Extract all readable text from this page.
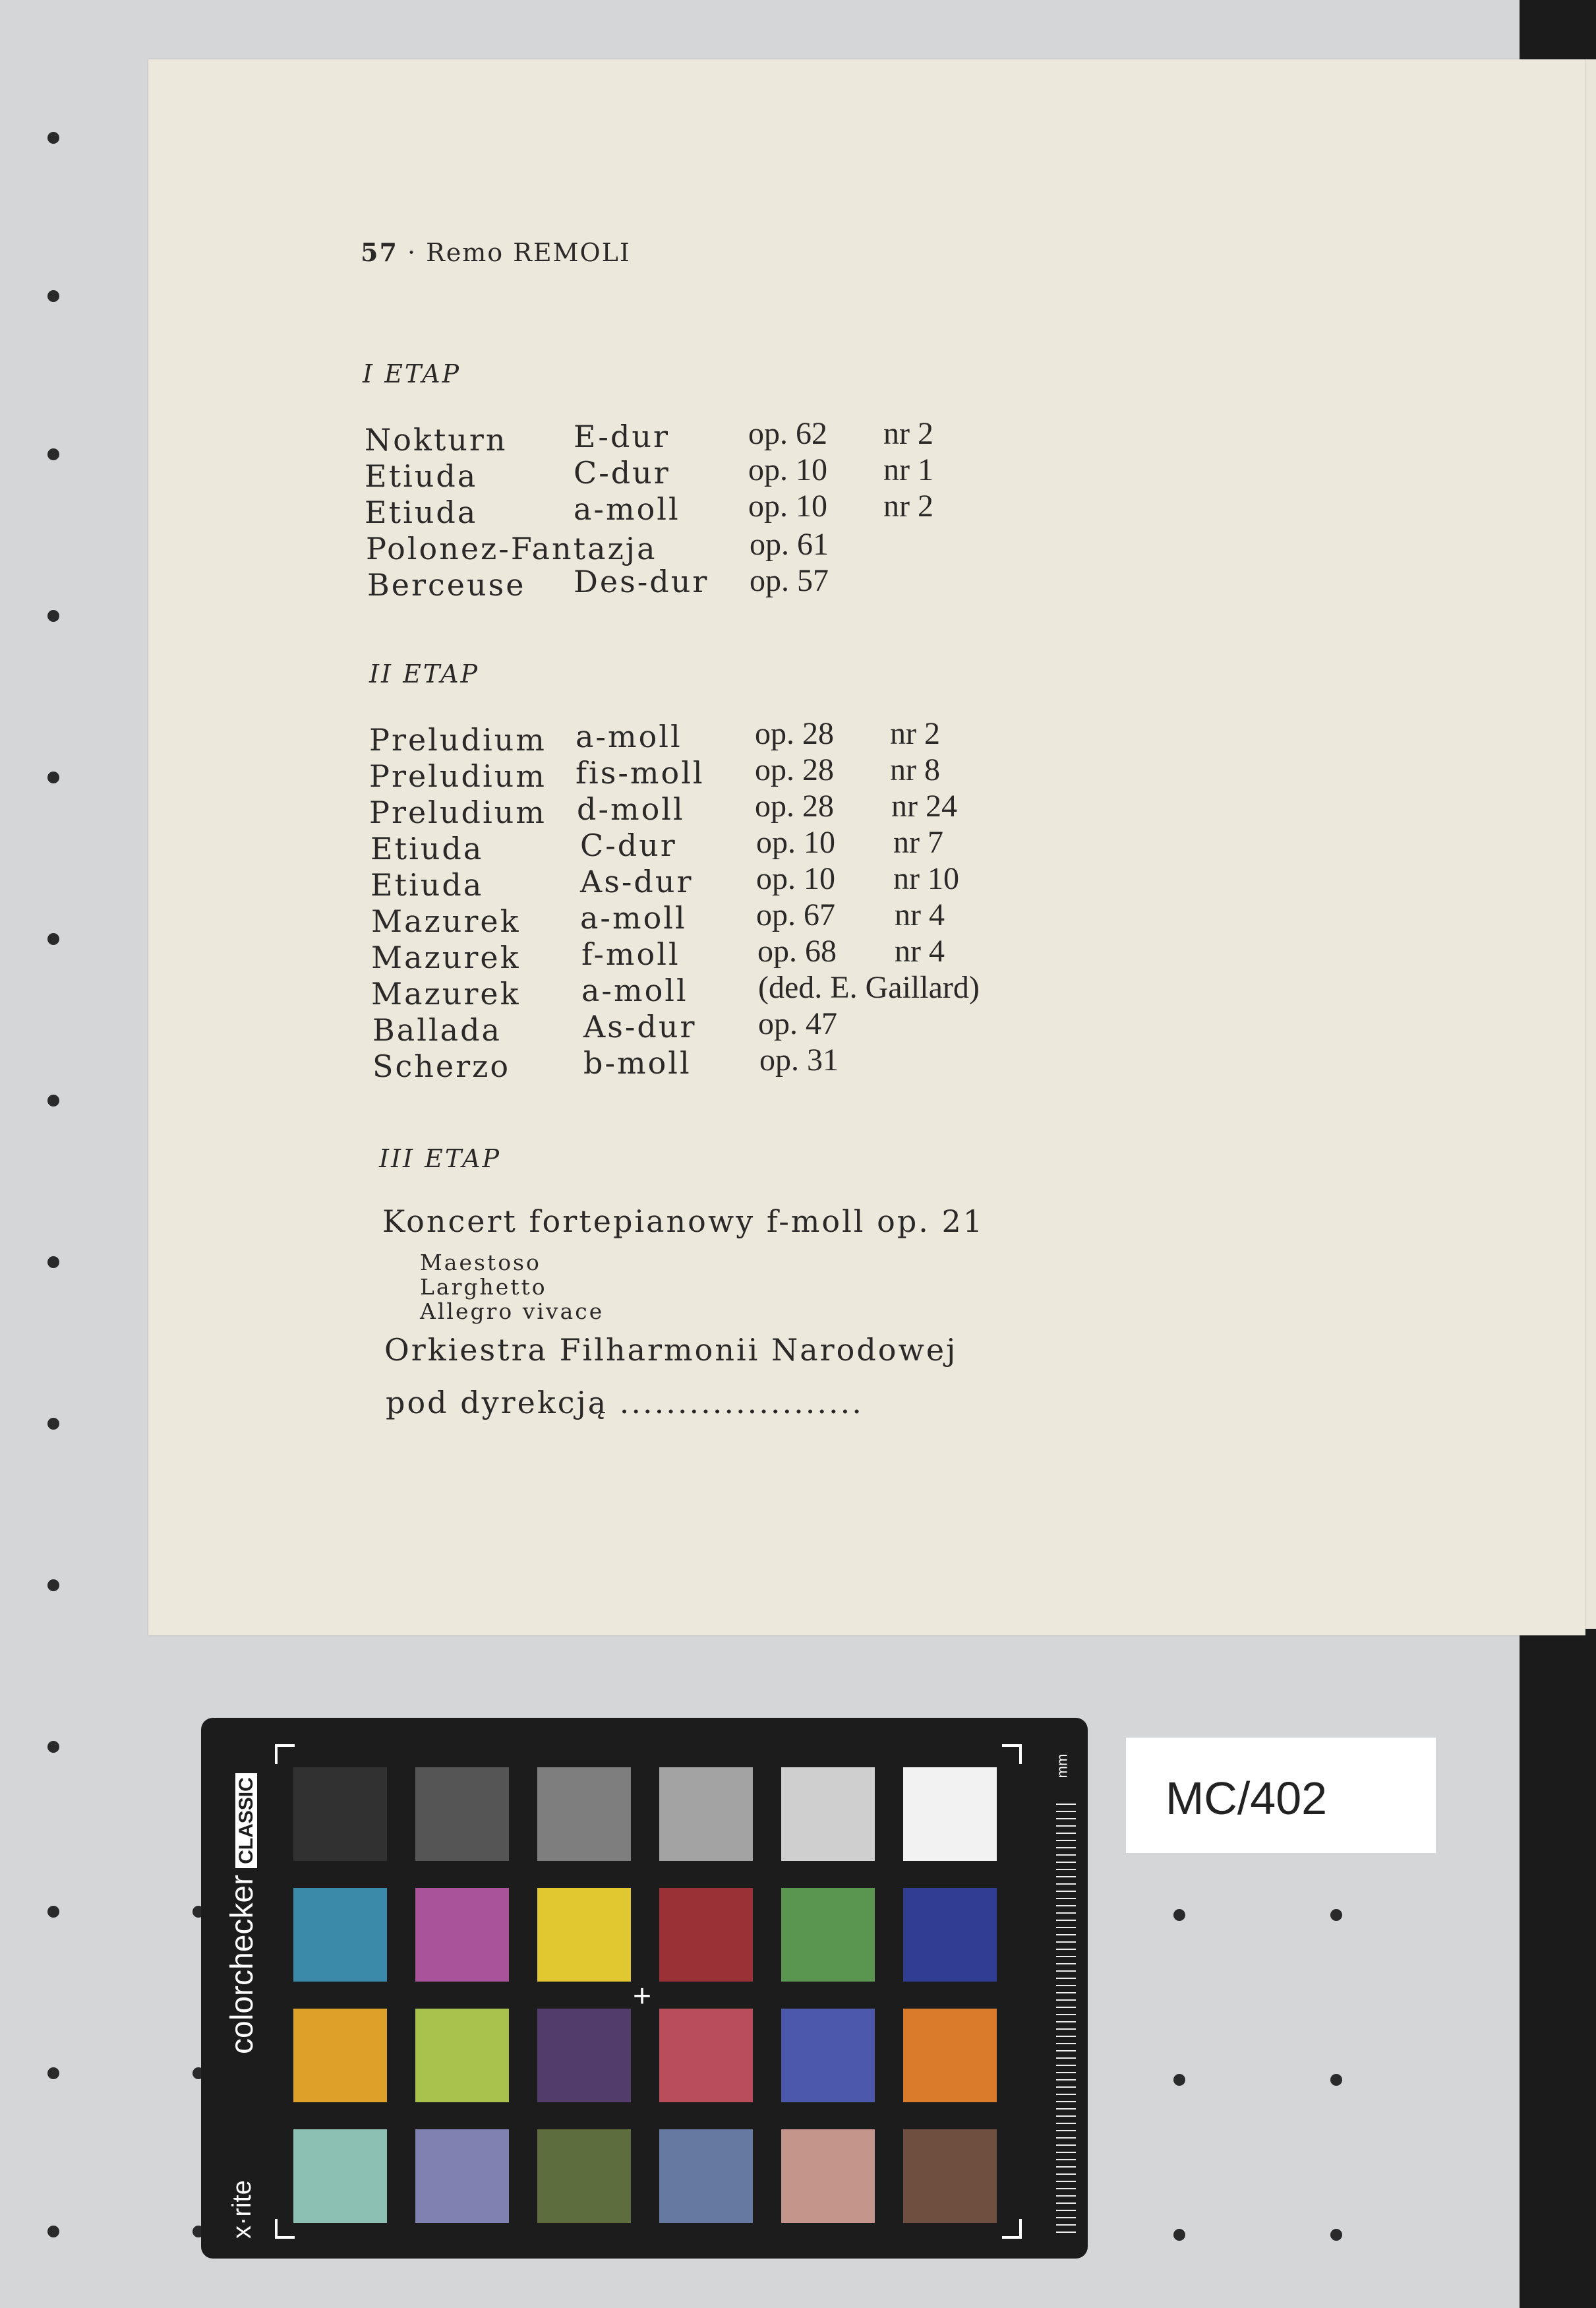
57 · Remo REMOLI
I ETAP
Nokturn E-dur op. 62 nr 2
Etiuda	C-dur op. 10 nr 1
Etiuda	a-moll op. 10 nr 2
Polonez-Fantazja	op. 61
Berceuse Des-dur op. 57
II ETAP
Preludium a-moll op. 28 nr 2
Preludium fis-moll op. 28 nr 8
Preludium d-moll op. 28 nr 24
Etiuda	C-dur	op. 10 nr 7
Etiuda	As-dur op. 10 nr 10
Mazurek a-moll op. 67 nr 4
Mazurek f-moll op. 68 nr 4
Mazurek a-moll (ded. E. Gaillard)
Ballada	As-dur op. 47
Scherzo b-moll op. 31
III ETAP
Koncert fortepianowy f-moll op. 21
Maestoso
Larghetto
Allegro vivace
Orkiestra Filharmonii Narodowej
pod dyrekcją .....................
+
colorcheckerCLASSIC
x·rite
mm
MC/402
